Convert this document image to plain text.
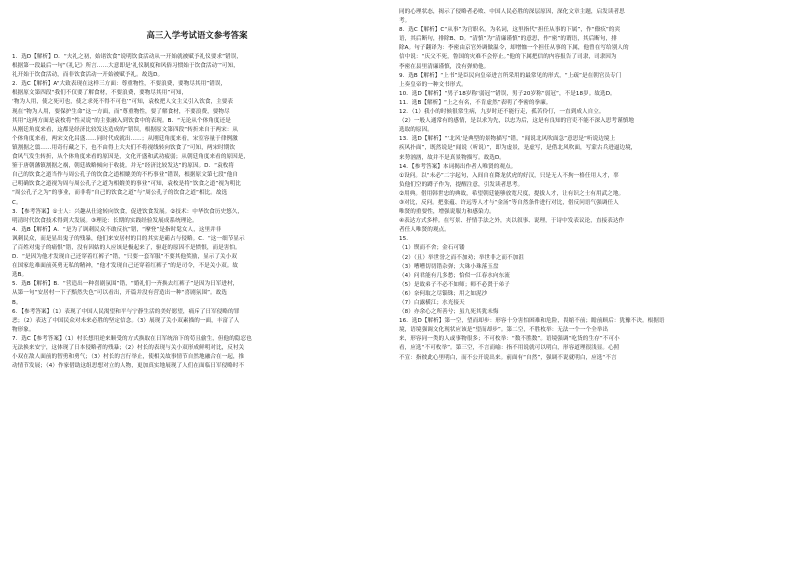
高三入学考试语文参考答案
1．选D【解析】D．“夫礼之初，始诸饮食”说明饮食活动从一开始就被赋予礼仪要求”错误，
根据第一段最后一句“《礼记》所言……大意即是‘礼仪制度和风俗习惯始于饮食活动’”可知，
礼开始于饮食活动，而非饮食活动一开始被赋予礼。故选D。
2．选C【解析】A“大致表现在这样三方面：尊重物性，不要浪费，要物尽其用”错误，
根据原文第四段“我们不仅要了解食材，不要浪费，要物尽其用”可知，
‘物为人用，使之死可也，使之求死不得不可也’”可知，袁枚把人文主义引入饮食，主要表
现在“物为人用，要保护生命”这一方面，而“尊重物性，要了解食材，不要浪费，要物尽
其用”这两方面是袁枚将“性灵说”的主张融入到饮食中的表现。B．“无论从个体角度还是
从刚廷角度来看，这都是经济比较发达造成的”错误，根据原文第四段“转折来自于两宋：从
个体角度来看，两宋文化昌盛……同时代成就出……；从刚廷角度来看，宋室容量于律例激
镇割据之翦……用奇行藏之下，也不由得上大夫们不将视线转向饮食了”可知，两宋时期饮
食风气发生转折，从个体角度来看的原因是，文化开盛和武功疲弱；从朝廷角度来看的原因是，
鉴于唐朝藩镇割据之祸，朝廷战略倾向于收拢。并无“经济比较发达”的原因。D．“袁枚将
自己的饮食之道当作与周公孔子的饮食之道相媲美的不朽事业”错误，根据原文第七段“他自
己明确饮食之道视为周与周公孔子之道为相媲美的事业”可知，袁枚是将“饮食之道”视为明比
“周公孔子之为”的事业，而非将“自己的饮食之道”与“周公孔子的饮食之道”相比。故选
C。
3．【参考答案】①士人：兴趣从仕途转向饮食，促进饮食发展。②技术：中华饮食历史悠久，
明清时代饮食技术得到大发展。③理论：长期的实践经验发展成系统理论。
4．选B【解析】A．“是为了讽刺民众不敢反抗”错，“摩登”是指时髦女人，这里并非
讽刺民众，而是显出鬼子的残暴，他们来安居村的目的其实是霸占与侵略。C．“这一细节显示
了百姓对鬼子的痛恨”错，没有因姑的人应该是极起来了，驱赶的原因不是愤恨，而是害怕。
D．“是因为他才发现自己还穿着红裤子”错，“只要一套军服”不要其他奖励，显示了关小双
在国家危难面前英勇无私的精神，“他才发现自己还穿着红裤子”的是司令，不是关小双。故
选B。
5．选B【解析】B．“营造出一种喜剧氛围”错，“婚礼们一齐换去红裤子”是因为日军进村，
从第一句“安居村一下子黯然失色”可以看出，开篇并没有营造出一种“喜剧氛围”。故选
B。
6．【参考答案】（1）表现了中国人民渴望和平与宁静生活的美好愿望，痛斥了日军侵略的罪
恶；（2）表达了中国民众对未来必胜的坚定信念。（3）展现了关小双素描的一面，丰富了人
物形象。
7．选C【参考答案】（1）村长想用逆来顺受的方式换取在日军统治下的苟且偷生，但他的隐忍也
无法换来安宁，这体现了日本侵略者的残暴；（2）村长的表现与关小双形成鲜明对比，反衬关
小双在敌人面前的智勇和勇气；（3）村长的言行举止，使相关故事情节自然地融合在一起，推
动情节发展；（4）作家借助这组思想对立的人物，更加真实地展现了人们在面临日军侵略时不
同的心理状态，揭示了侵略者必败、中国人民必胜的深层原因，深化文章主题，启发读者思
考。
8．选C【解析】C“从事”为官职名，为名词，这里指代“担任从事的下属”，作“僚疚”的宾
语，其后断句，排除B、D。“清慎”为“清廉谨慎”的意思，作“密”的谓语，其后断句，排
除A。句子翻译为：李密由京官外调做温令，却增恤一个担任从事的下属，他曾在写给别人的
信中说：“庆父不死，鲁国的灾难不会停止。”他的下属把信的内容报告了司隶，司隶因为
李密在县里清廉谨慎，没有弹劾他。
9．选B【解析】“上书”是臣民向皇帝进言所采用的最常见的形式，“上疏”是在朝官员专门
上奏皇帝的一种文书形式。
10．选D【解析】“男子18岁称‘弱冠’”错误，男子20岁称“弱冠”，不是18岁。故选D。
11．选B【解析】“上之有名，不肯虚然”表明了李密的拳廉。
12．（1）我小的时候很常生病，九岁时还不能行走，孤苦伶仃，一直到成人自立。
（2）一般人通常有的感情，是以求为先，以忠为后，这是有良知的官吏不能不深入思考谨慎地
选取的原因。
13．选D【解析】“‘北风’是典型的景物描写”错，“闻说北风吹面急”意思是“听说边境上
疾风扑面”，既然说是“闻说（听说）”，即为虚景，是虚写，是借北风吹面，写蒙古兵进逼边境，
来势汹汹，故并不是真景物描写。故选D。
14．【参考答案】本词揭出作者人唯贤的观点。
①设问。以“未必”二字起句，入间自在降龙伏虎的好汉，只是无人不拘一格任用人才，辜
负他们空的蹲子作为，提醒注意，引发读者思考。
②用典。借用韩世忠的典故，希望朝廷能够放宽尺度，提拔人才，让有识之士有用武之地。
③对比，反问。把张蕴、许远等人才与“金汤”等自然条件进行对比，借反问语气强调任人
唯贤的重要性，增强说服力和感染力。
④表达方式多样。在写景、抒情手法之外，夹以叙事、说理，于诗中发表议论，直接表达作
者任人唯贤的观点。
15．
（1）锲而不舍；金石可镂
（2）（且）举世誉之而不加劝；举世非之而不加沮
（3）嘈嘈切切错杂弹；大珠小珠落玉盘
（4）问君能有几多愁；恰似一江春水向东流
（5）是故弟子不必不如师；师不必贤于弟子
（6）奈何取之尽锱铢；用之如泥沙
（7）白露横江；水光接天
（8）亦余心之所善兮；虽九死其犹未悔
16．选D【解析】第一空，望而却步：形容十分害怕困难和危险，畏缩不前；瞻前顾后：犹豫不决。根据语
境，语境强调文化现状应该是“望而却步”。第二空，不胜枚举：无法一个一个全举出
来，形容同一类的人或事物很多；不可枚举：“数不胜数”。语境强调“吃货的生存”不可小
看，应选“不可枚举”。第三空，不言而喻：指不用说就可以明白，形容道理很浅显。心照
不宣：指彼此心里明白，而不公开说出来。前面有“自然”，强调不说就明白，应选“不言
